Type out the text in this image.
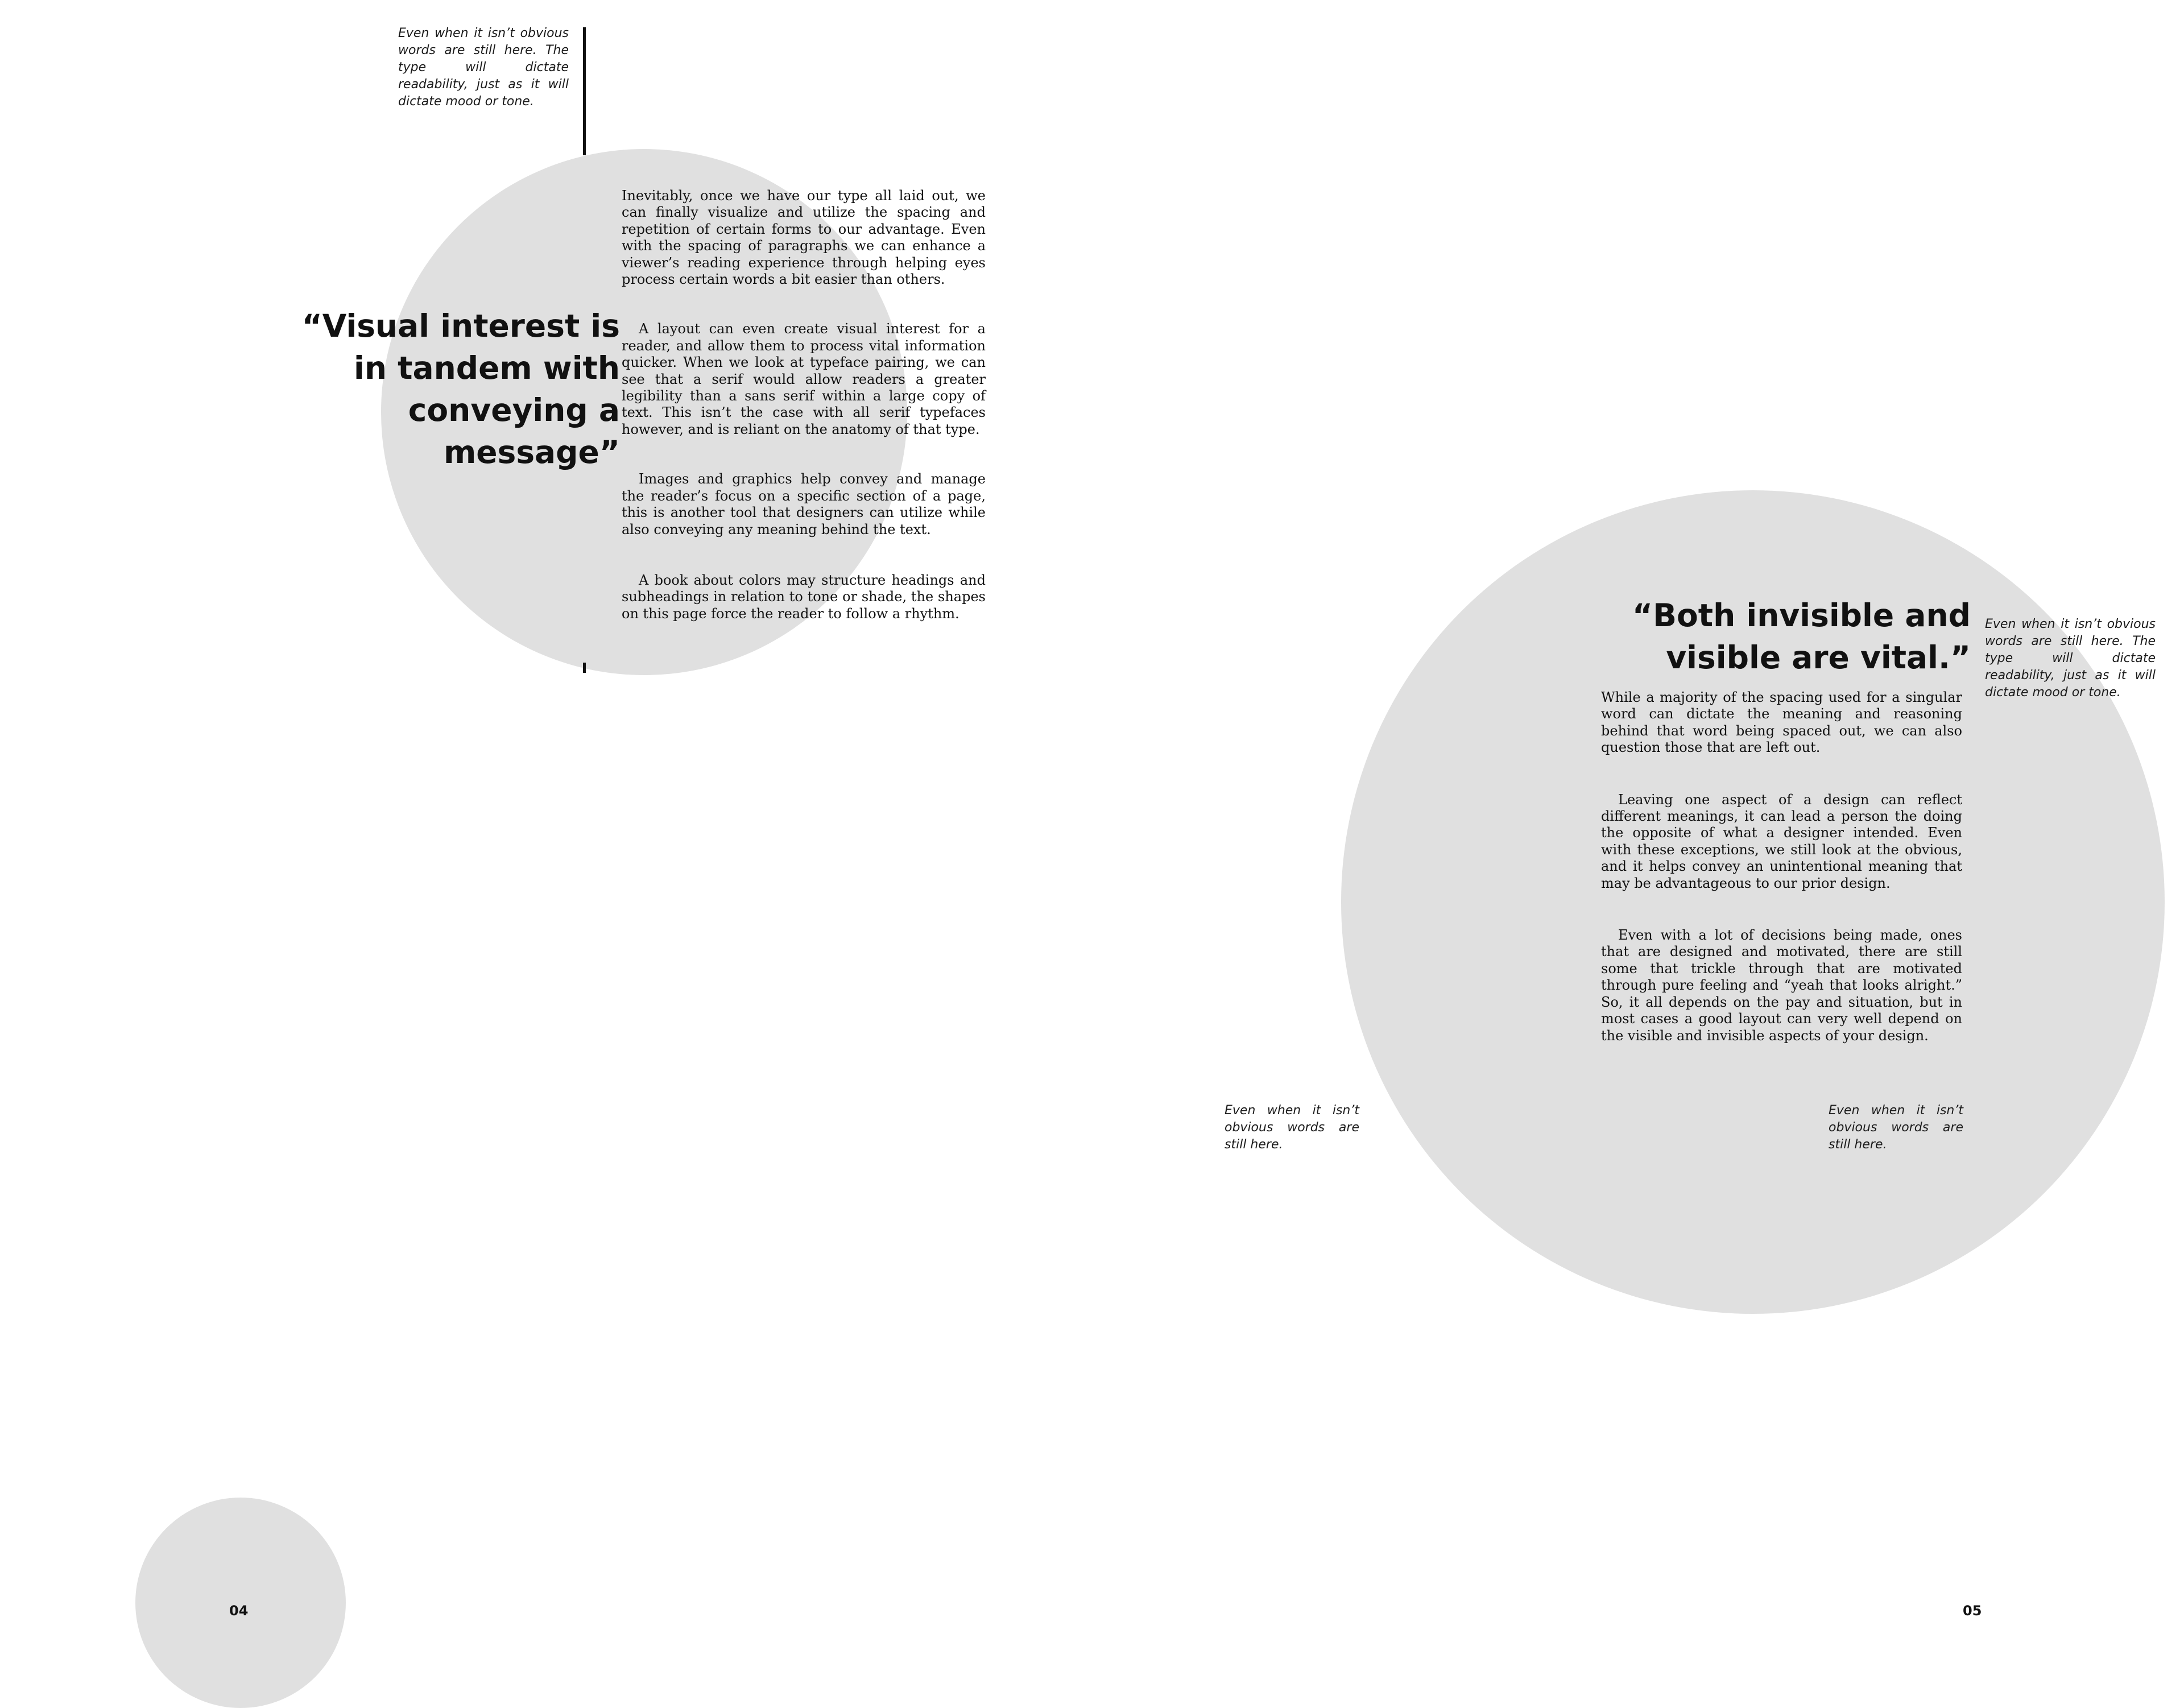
Even when it isn’t obvious words are still here. The type will dictate readability, just as it will dictate mood or tone.

“Visual interest is in tandem with conveying a message”

Inevitably, once we have our type all laid out, we can finally visualize and utilize the spacing and repetition of certain forms to our advantage. Even with the spacing of paragraphs we can enhance a viewer’s reading experience through helping eyes process certain words a bit easier than others.

A layout can even create visual interest for a reader, and allow them to process vital information quicker. When we look at typeface pairing, we can see that a serif would allow readers a greater legibility than a sans serif within a large copy of text. This isn’t the case with all serif typefaces however, and is reliant on the anatomy of that type.

Images and graphics help convey and manage the reader’s focus on a specific section of a page, this is another tool that designers can utilize while also conveying any meaning behind the text.

A book about colors may structure headings and subheadings in relation to tone or shade, the shapes on this page force the reader to follow a rhythm.

04

“Both invisible and visible are vital.”

Even when it isn’t obvious words are still here. The type will dictate readability, just as it will dictate mood or tone.

While a majority of the spacing used for a singular word can dictate the meaning and reasoning behind that word being spaced out, we can also question those that are left out.

Leaving one aspect of a design can reflect different meanings, it can lead a person the doing the opposite of what a designer intended. Even with these exceptions, we still look at the obvious, and it helps convey an unintentional meaning that may be advantageous to our prior design.

Even with a lot of decisions being made, ones that are designed and motivated, there are still some that trickle through that are motivated through pure feeling and “yeah that looks alright.” So, it all depends on the pay and situation, but in most cases a good layout can very well depend on the visible and invisible aspects of your design.

Even when it isn’t obvious words are still here.

Even when it isn’t obvious words are still here.

05
